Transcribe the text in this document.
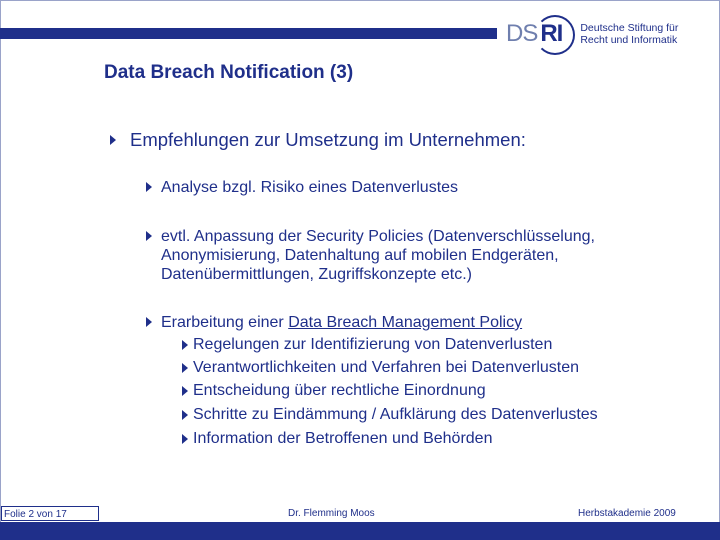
DS RI	Deutsche Stiftung für
Recht und Informatik
Data Breach Notification (3)
Empfehlungen zur Umsetzung im Unternehmen:
Analyse bzgl. Risiko eines Datenverlustes
evtl. Anpassung der Security Policies (Datenverschlüsselung, Anonymisierung, Datenhaltung auf mobilen Endgeräten, Datenübermittlungen, Zugriffskonzepte etc.)
Erarbeitung einer Data Breach Management Policy
Regelungen zur Identifizierung von Datenverlusten
Verantwortlichkeiten und Verfahren bei Datenverlusten
Entscheidung über rechtliche Einordnung
Schritte zu Eindämmung / Aufklärung des Datenverlustes
Information der Betroffenen und Behörden
Folie 2 von 17	Dr. Flemming Moos	Herbstakademie 2009
